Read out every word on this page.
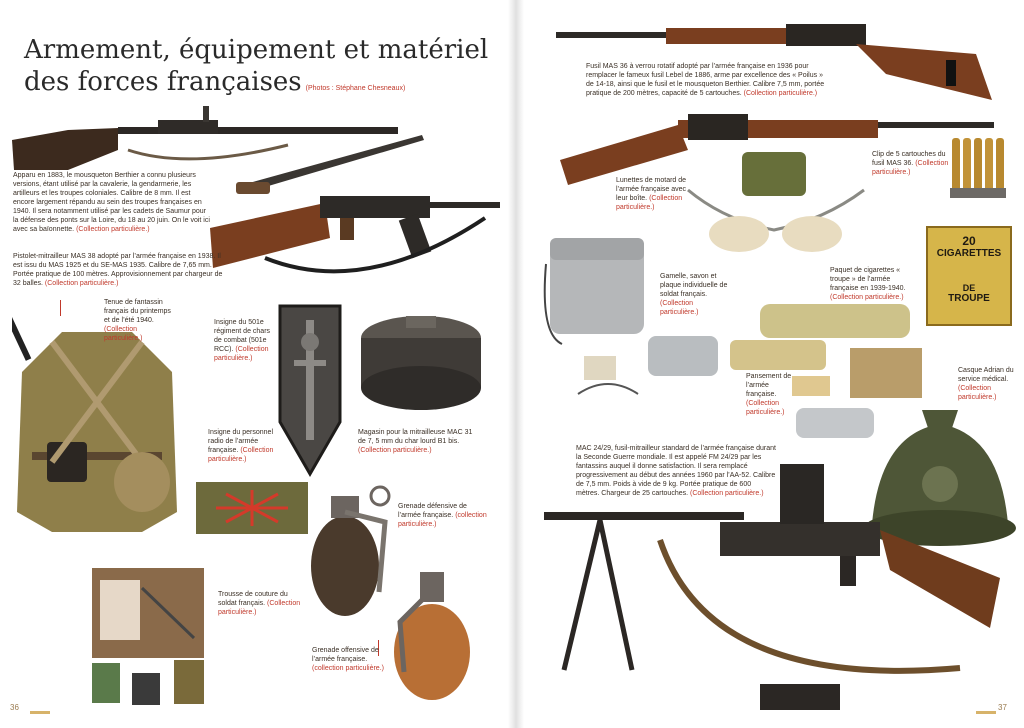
Armement, équipement et matériel
des forces françaises (Photos : Stéphane Chesneaux)
Apparu en 1883, le mousqueton Berthier a connu plusieurs versions, étant utilisé par la cavalerie, la gendarmerie, les artilleurs et les troupes coloniales. Calibre de 8 mm. Il est encore largement répandu au sein des troupes françaises en 1940. Il sera notamment utilisé par les cadets de Saumur pour la défense des ponts sur la Loire, du 18 au 20 juin. On le voit ici avec sa baïonnette. (Collection particulière.)
Pistolet-mitrailleur MAS 38 adopté par l’armée française en 1938. Il est issu du MAS 1925 et du SE-MAS 1935. Calibre de 7,65 mm. Portée pratique de 100 mètres. Approvisionnement par chargeur de 32 balles. (Collection particulière.)
Tenue de fantassin français du printemps et de l’été 1940. (Collection particulière.)
Insigne du 501e régiment de chars de combat (501e RCC). (Collection particulière.)
Magasin pour la mitrailleuse MAC 31 de 7, 5 mm du char lourd B1 bis. (Collection particulière.)
Insigne du personnel radio de l’armée française. (Collection particulière.)
Grenade défensive de l’armée française. (collection particulière.)
Trousse de couture du soldat français. (Collection particulière.)
Grenade offensive de l’armée française. (collection particulière.)
Fusil MAS 36 à verrou rotatif adopté par l’armée française en 1936 pour remplacer le fameux fusil Lebel de 1886, arme par excellence des « Poilus » de 14-18, ainsi que le fusil et le mousqueton Berthier. Calibre 7,5 mm, portée pratique de 200 mètres, capacité de 5 cartouches. (Collection particulière.)
Clip de 5 cartouches du fusil MAS 36. (Collection particulière.)
Lunettes de motard de l’armée française avec leur boîte. (Collection particulière.)
Gamelle, savon et plaque individuelle de soldat français. (Collection particulière.)
20
CIGARETTES
DE
TROUPE
Paquet de cigarettes « troupe » de l’armée française en 1939-1940. (Collection particulière.)
Pansement de l’armée française. (Collection particulière.)
Casque Adrian du service médical. (Collection particulière.)
MAC 24/29, fusil-mitrailleur standard de l’armée française durant la Seconde Guerre mondiale. Il est appelé FM 24/29 par les fantassins auquel il donne satisfaction. Il sera remplacé progressivement au début des années 1960 par l’AA-52. Calibre de 7,5 mm. Poids à vide de 9 kg. Portée pratique de 600 mètres. Chargeur de 25 cartouches. (Collection particulière.)
36	37
